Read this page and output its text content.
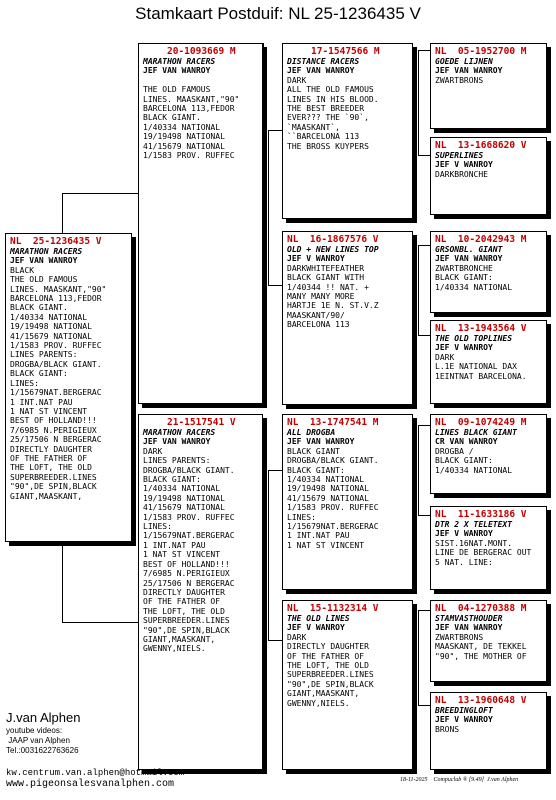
Stamkaart Postduif: NL 25-1236435 V
NL  25-1236435 V
MARATHON RACERS
JEF VAN WANROY
BLACK
THE OLD FAMOUS
LINES. MAASKANT,"90"
BARCELONA 113,FEDOR
BLACK GIANT.
1/40334 NATIONAL
19/19498 NATIONAL
41/15679 NATIONAL
1/1583 PROV. RUFFEC
LINES PARENTS:
DROGBA/BLACK GIANT.
BLACK GIANT:
LINES:
1/15679NAT.BERGERAC
1 INT.NAT PAU
1 NAT ST VINCENT
BEST OF HOLLAND!!!
7/6985 N.PERIGIEUX
25/17506 N BERGERAC
DIRECTLY DAUGHTER
OF THE FATHER OF
THE LOFT, THE OLD
SUPERBREEDER.LINES
"90",DE SPIN,BLACK
GIANT,MAASKANT,
20-1093669 M
MARATHON RACERS
JEF VAN WANROY

THE OLD FAMOUS
LINES. MAASKANT,"90"
BARCELONA 113,FEDOR
BLACK GIANT.
1/40334 NATIONAL
19/19498 NATIONAL
41/15679 NATIONAL
1/1583 PROV. RUFFEC
21-1517541 V
MARATHON RACERS
JEF VAN WANROY
DARK
LINES PARENTS:
DROGBA/BLACK GIANT.
BLACK GIANT:
1/40334 NATIONAL
19/19498 NATIONAL
41/15679 NATIONAL
1/1583 PROV. RUFFEC
LINES:
1/15679NAT.BERGERAC
1 INT.NAT PAU
1 NAT ST VINCENT
BEST OF HOLLAND!!!
7/6985 N.PERIGIEUX
25/17506 N BERGERAC
DIRECTLY DAUGHTER
OF THE FATHER OF
THE LOFT, THE OLD
SUPERBREEDER.LINES
"90",DE SPIN,BLACK
GIANT,MAASKANT,
GWENNY,NIELS.
17-1547566 M
DISTANCE RACERS
JEF VAN WANROY
DARK
ALL THE OLD FAMOUS
LINES IN HIS BLOOD.
THE BEST BREEDER
EVER??? THE `90`,
`MAASKANT`,
``BARCELONA 113
THE BROSS KUYPERS
NL  16-1867576 V
OLD + NEW LINES TOP
JEF V WANROY
DARKWHITEFEATHER
BLACK GIANT WITH
1/40344 !! NAT. +
MANY MANY MORE
HARTJE 1E N. ST.V.Z
MAASKANT/90/
BARCELONA 113
NL  13-1747541 M
ALL DROGBA
JEF VAN WANROY
BLACK GIANT
DROGBA/BLACK GIANT.
BLACK GIANT:
1/40334 NATIONAL
19/19498 NATIONAL
41/15679 NATIONAL
1/1583 PROV. RUFFEC
LINES:
1/15679NAT.BERGERAC
1 INT.NAT PAU
1 NAT ST VINCENT
NL  15-1132314 V
THE OLD LINES
JEF V WANROY
DARK
DIRECTLY DAUGHTER
OF THE FATHER OF
THE LOFT, THE OLD
SUPERBREEDER.LINES
"90",DE SPIN,BLACK
GIANT,MAASKANT,
GWENNY,NIELS.
NL  05-1952700 M
GOEDE LIJNEN
JEF VAN WANROY
ZWARTBRONS
NL  13-1668620 V
SUPERLINES
JEF V WANROY
DARKBRONCHE
NL  10-2042943 M
GRSONBL. GIANT
JEF VAN WANROY
ZWARTBRONCHE
BLACK GIANT:
1/40334 NATIONAL
NL  13-1943564 V
THE OLD TOPLINES
JEF V WANROY
DARK
L.1E NATIONAL DAX
1EINTNAT BARCELONA.
NL  09-1074249 M
LINES BLACK GIANT
CR VAN WANROY
DROGBA /
BLACK GIANT:
1/40334 NATIONAL
NL  11-1633186 V
DTR 2 X TELETEXT
JEF V WANROY
SIST.16NAT.MONT.
LINE DE BERGERAC OUT
5 NAT. LINE:
NL  04-1270388 M
STAMVASTHOUDER
JEF VAN WANROY
ZWARTBRONS
MAASKANT, DE TEKKEL
"90", THE MOTHER OF
NL  13-1960648 V
BREEDINGLOFT
JEF V WANROY
BRONS
J.van Alphen
youtube videos:
JAAP van Alphen
Tel.:0031622763626
kw.centrum.van.alphen@hotmail.com
www.pigeonsalesvanalphen.com	18-11-2025    Compuclub ® [9.49]  J.van Alphen
